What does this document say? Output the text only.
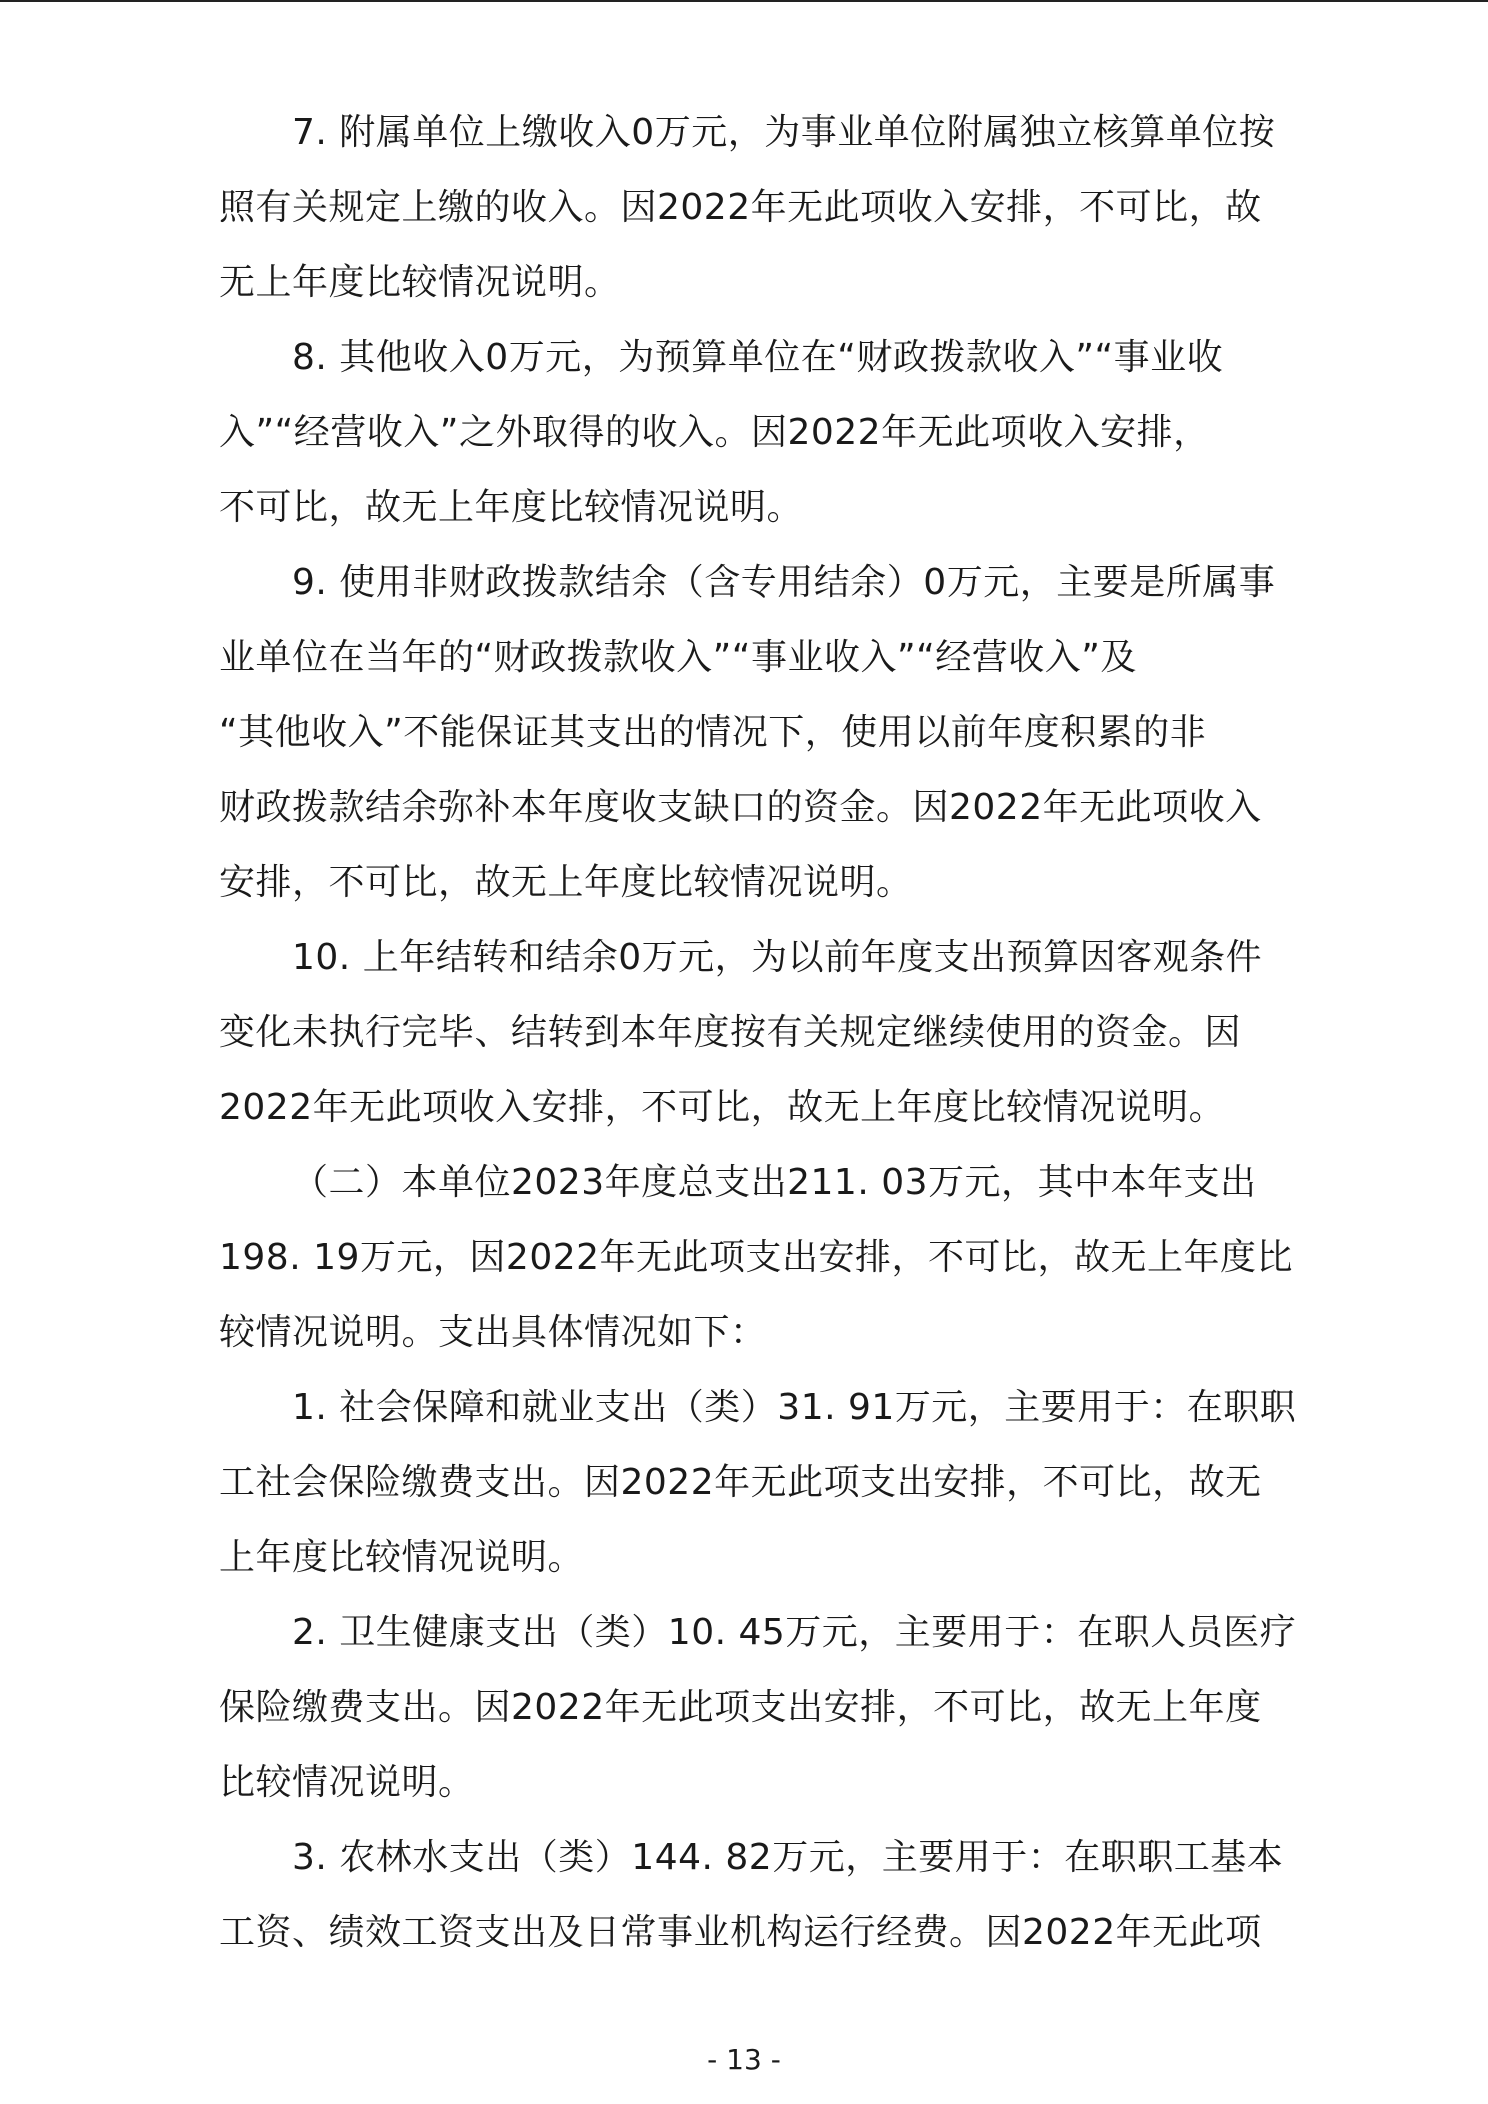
7. 附属单位上缴收入0万元，为事业单位附属独立核算单位按
照有关规定上缴的收入。因2022年无此项收入安排，不可比，故
无上年度比较情况说明。
8. 其他收入0万元，为预算单位在“财政拨款收入”“事业收
入”“经营收入”之外取得的收入。因2022年无此项收入安排，
不可比，故无上年度比较情况说明。
9. 使用非财政拨款结余（含专用结余）0万元，主要是所属事
业单位在当年的“财政拨款收入”“事业收入”“经营收入”及
“其他收入”不能保证其支出的情况下，使用以前年度积累的非
财政拨款结余弥补本年度收支缺口的资金。因2022年无此项收入
安排，不可比，故无上年度比较情况说明。
10. 上年结转和结余0万元，为以前年度支出预算因客观条件
变化未执行完毕、结转到本年度按有关规定继续使用的资金。因
2022年无此项收入安排，不可比，故无上年度比较情况说明。
（二）本单位2023年度总支出211. 03万元，其中本年支出
198. 19万元，因2022年无此项支出安排，不可比，故无上年度比
较情况说明。支出具体情况如下：
1. 社会保障和就业支出（类）31. 91万元，主要用于：在职职
工社会保险缴费支出。因2022年无此项支出安排，不可比，故无
上年度比较情况说明。
2. 卫生健康支出（类）10. 45万元，主要用于：在职人员医疗
保险缴费支出。因2022年无此项支出安排，不可比，故无上年度
比较情况说明。
3. 农林水支出（类）144. 82万元，主要用于：在职职工基本
工资、绩效工资支出及日常事业机构运行经费。因2022年无此项
- 13 -
